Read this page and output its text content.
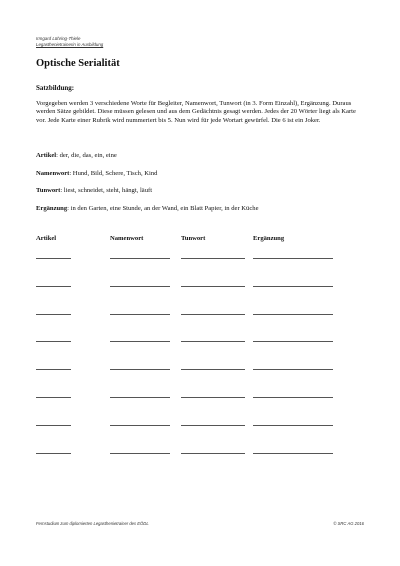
Irmgard Lühring-Thiele
Legasthenietrainerin in Ausbildung
Optische Serialität
Satzbildung:
Vorgegeben werden 3 verschiedene Worte für Begleiter, Namenwort, Tunwort (in 3. Form Einzahl), Ergänzung. Duraus werden Sätze gebildet. Diese müssen gelesen und aus dem Gedächtnis gesagt werden. Jedes der 20 Wörter liegt als Karte vor. Jede Karte einer Rubrik wird nummeriert bis 5. Nun wird für jede Wortart gewürfel. Die 6 ist ein Joker.
Artikel: der, die, das, ein, eine
Namenwort: Hund, Bild, Schere, Tisch, Kind
Tunwort: liest, schneidet, steht, hängt, läuft
Ergänzung: in den Garten, eine Stunde, an der Wand, ein Blatt Papier, in der Küche
Artikel	Namenwort	Tunwort	Ergänzung
Fernstudium zum diplomierten Legasthenietrainer des EÖDL	© SRC AG 2016
